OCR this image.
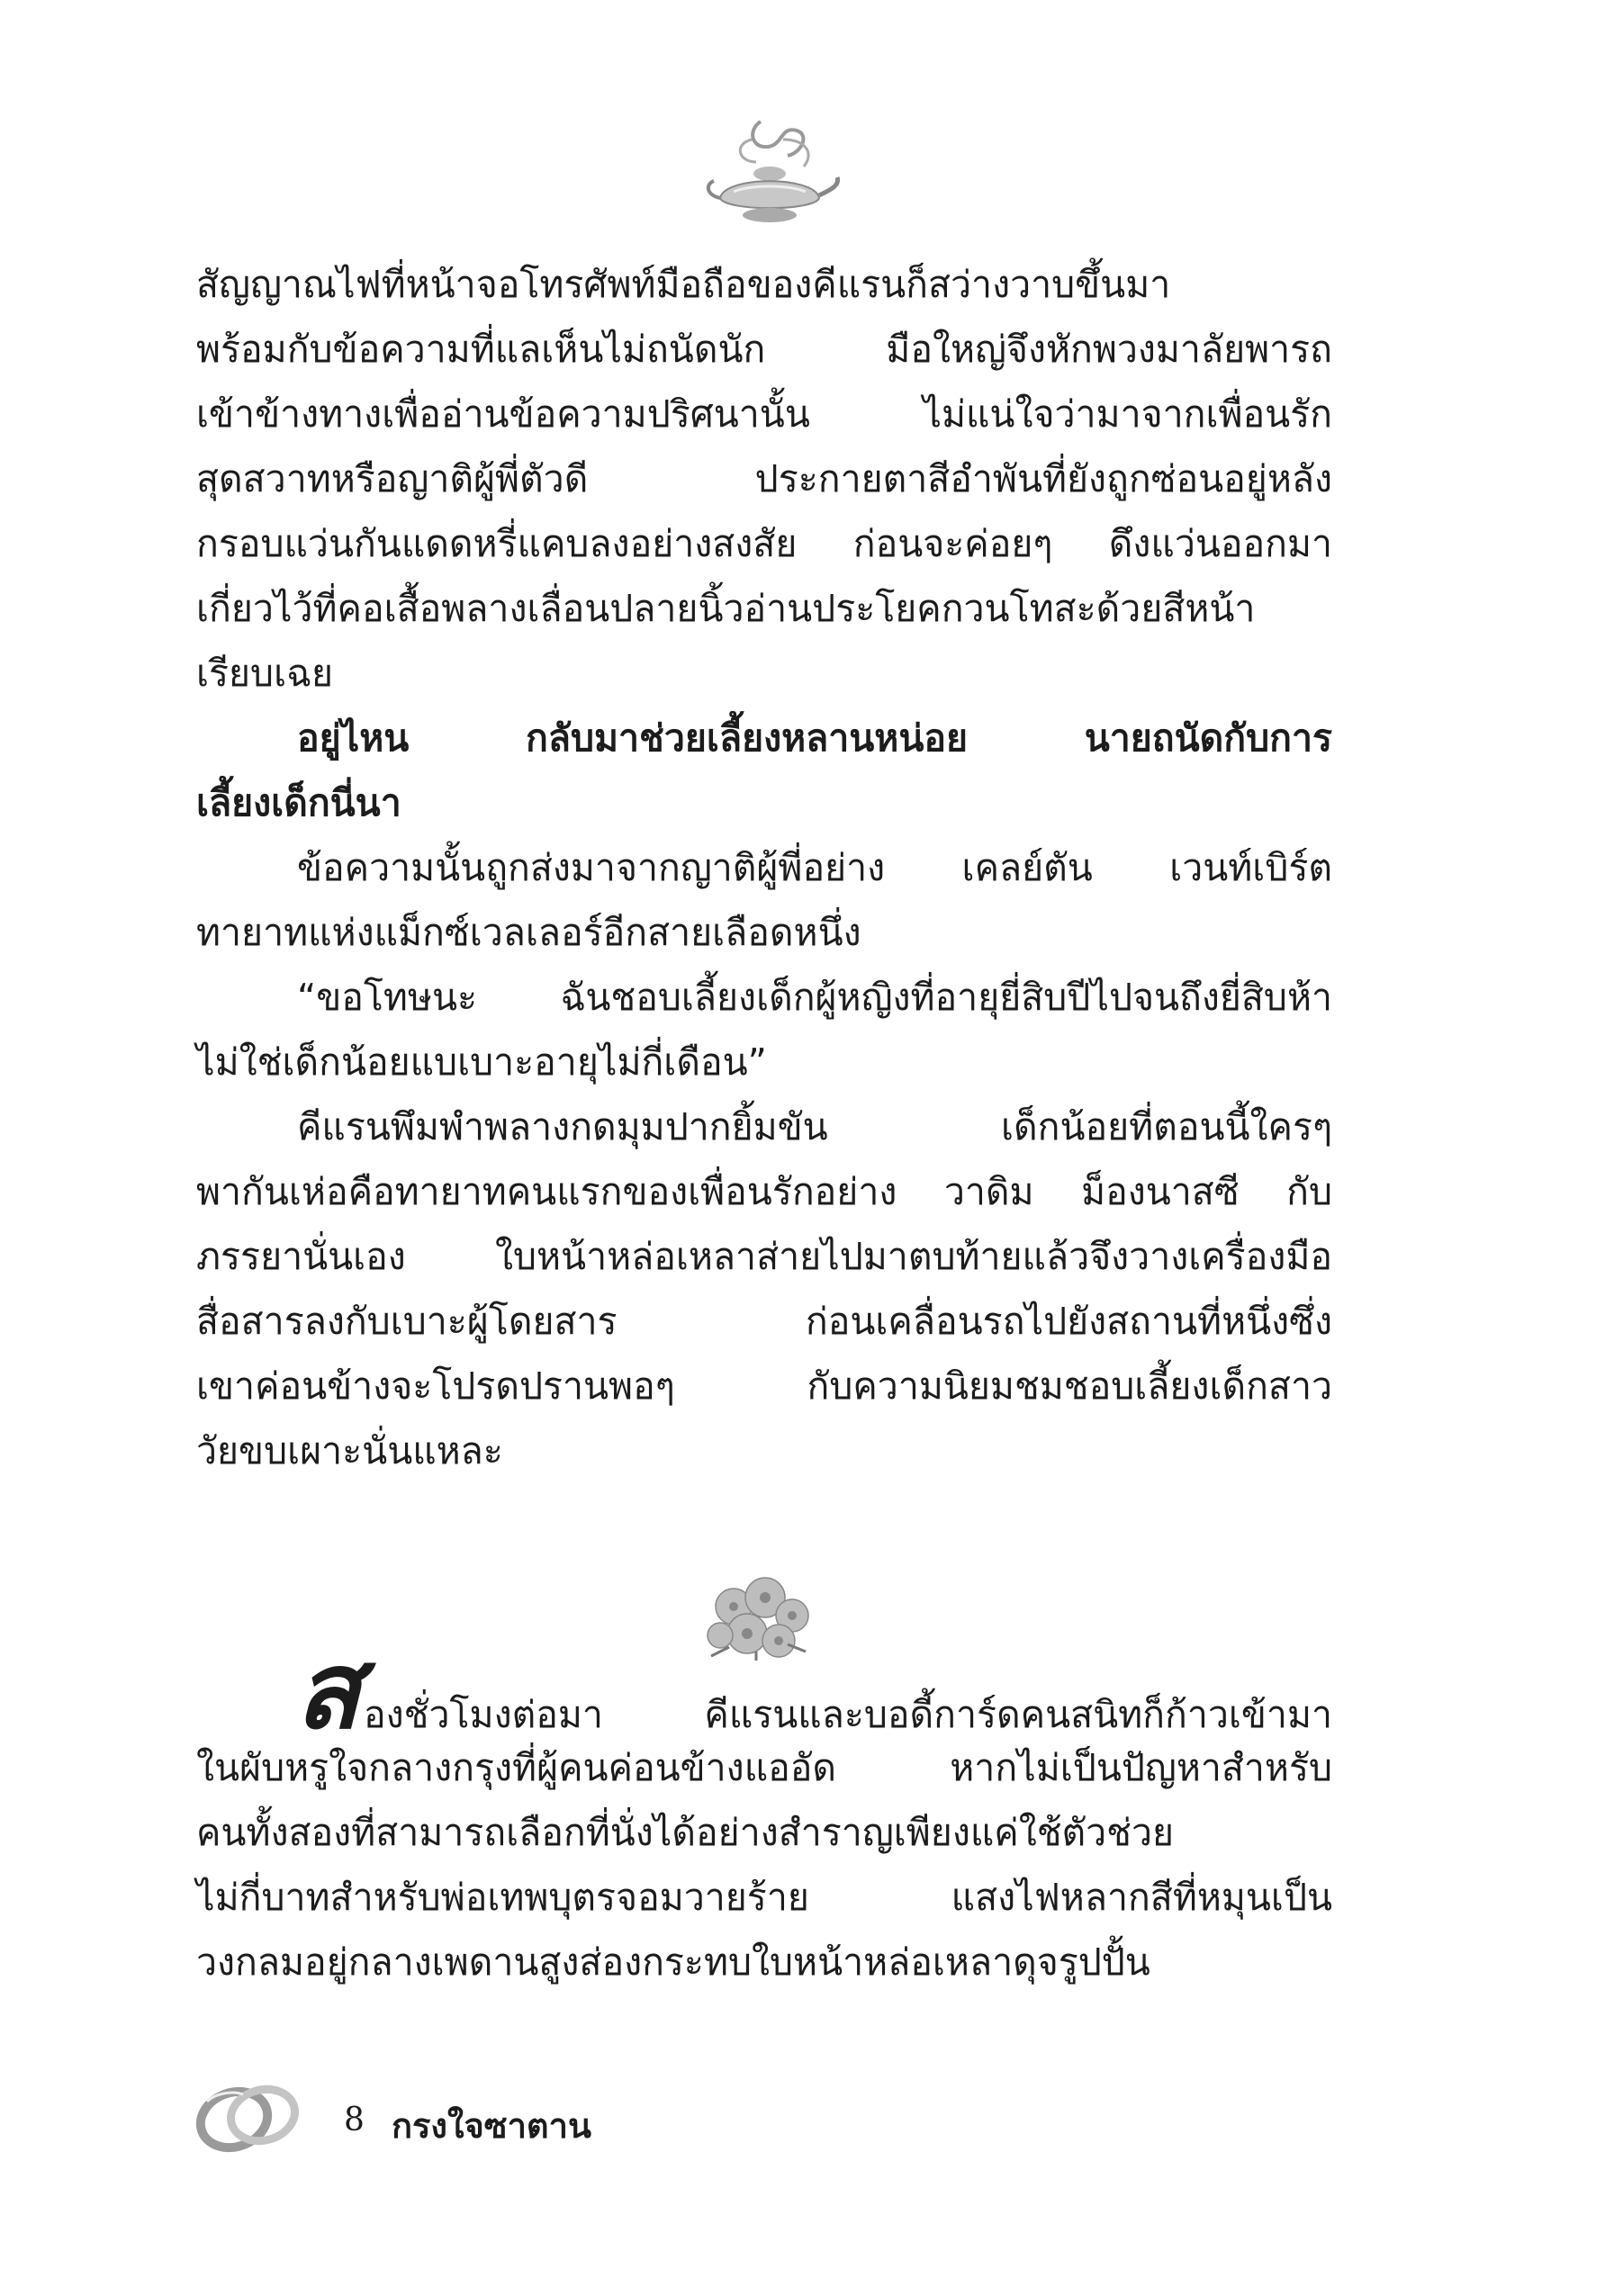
สัญญาณไฟที่หน้าจอโทรศัพท์มือถือของคีแรนก็สว่างวาบขึ้นมา
พร้อมกับข้อความที่แลเห็นไม่ถนัดนัก มือใหญ่จึงหักพวงมาลัยพารถ
เข้าข้างทางเพื่ออ่านข้อความปริศนานั้น ไม่แน่ใจว่ามาจากเพื่อนรัก
สุดสวาทหรือญาติผู้พี่ตัวดี ประกายตาสีอำพันที่ยังถูกซ่อนอยู่หลัง
กรอบแว่นกันแดดหรี่แคบลงอย่างสงสัย ก่อนจะค่อยๆ ดึงแว่นออกมา
เกี่ยวไว้ที่คอเสื้อพลางเลื่อนปลายนิ้วอ่านประโยคกวนโทสะด้วยสีหน้า
เรียบเฉย
อยู่ไหน กลับมาช่วยเลี้ยงหลานหน่อย นายถนัดกับการ
เลี้ยงเด็กนี่นา
ข้อความนั้นถูกส่งมาจากญาติผู้พี่อย่าง เคลย์ตัน เวนท์เบิร์ต
ทายาทแห่งแม็กซ์เวลเลอร์อีกสายเลือดหนึ่ง
“ขอโทษนะ ฉันชอบเลี้ยงเด็กผู้หญิงที่อายุยี่สิบปีไปจนถึงยี่สิบห้า
ไม่ใช่เด็กน้อยแบเบาะอายุไม่กี่เดือน”
คีแรนพึมพำพลางกดมุมปากยิ้มขัน เด็กน้อยที่ตอนนี้ใครๆ
พากันเห่อคือทายาทคนแรกของเพื่อนรักอย่าง วาดิม ม็องนาสซี กับ
ภรรยานั่นเอง ใบหน้าหล่อเหลาส่ายไปมาตบท้ายแล้วจึงวางเครื่องมือ
สื่อสารลงกับเบาะผู้โดยสาร ก่อนเคลื่อนรถไปยังสถานที่หนึ่งซึ่ง
เขาค่อนข้างจะโปรดปรานพอๆ กับความนิยมชมชอบเลี้ยงเด็กสาว
วัยขบเผาะนั่นแหละ
สองชั่วโมงต่อมา คีแรนและบอดี้การ์ดคนสนิทก็ก้าวเข้ามา
ในผับหรูใจกลางกรุงที่ผู้คนค่อนข้างแออัด หากไม่เป็นปัญหาสำหรับ
คนทั้งสองที่สามารถเลือกที่นั่งได้อย่างสำราญเพียงแค่ใช้ตัวช่วย
ไม่กี่บาทสำหรับพ่อเทพบุตรจอมวายร้าย แสงไฟหลากสีที่หมุนเป็น
วงกลมอยู่กลางเพดานสูงส่องกระทบใบหน้าหล่อเหลาดุจรูปปั้น
8 กรงใจซาตาน
